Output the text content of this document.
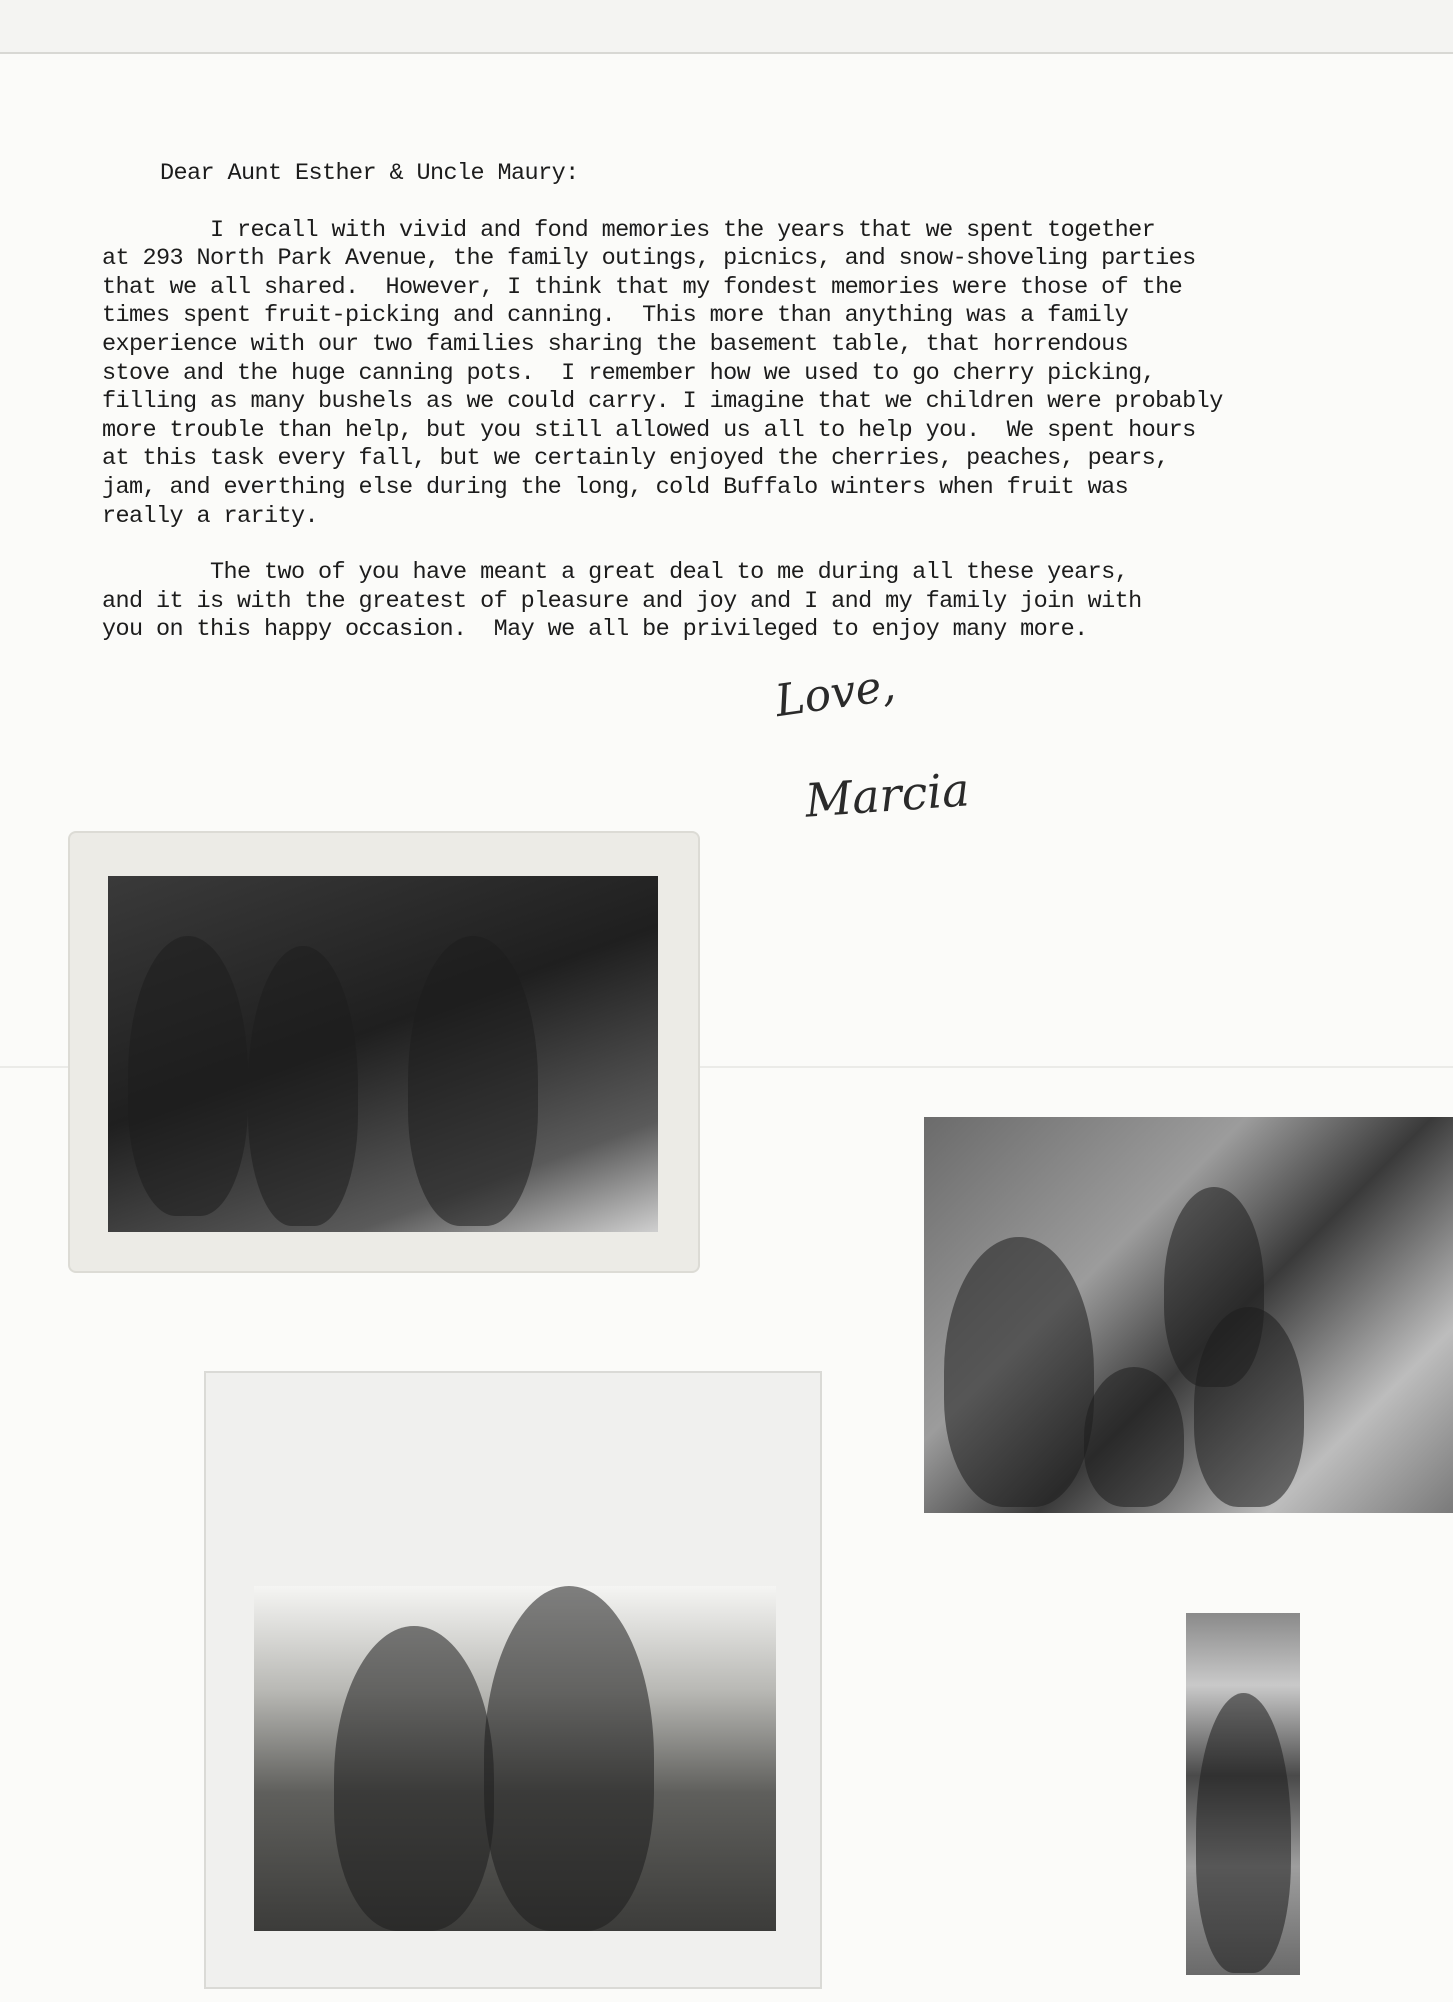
Dear Aunt Esther & Uncle Maury:

I recall with vivid and fond memories the years that we spent together

at 293 North Park Avenue, the family outings, picnics, and snow-shoveling parties

that we all shared.  However, I think that my fondest memories were those of the

times spent fruit-picking and canning.  This more than anything was a family

experience with our two families sharing the basement table, that horrendous

stove and the huge canning pots.  I remember how we used to go cherry picking,

filling as many bushels as we could carry. I imagine that we children were probably

more trouble than help, but you still allowed us all to help you.  We spent hours

at this task every fall, but we certainly enjoyed the cherries, peaches, pears,

jam, and everthing else during the long, cold Buffalo winters when fruit was

really a rarity.

The two of you have meant a great deal to me during all these years,

and it is with the greatest of pleasure and joy and I and my family join with

you on this happy occasion.  May we all be privileged to enjoy many more.

Love,
Marcia
